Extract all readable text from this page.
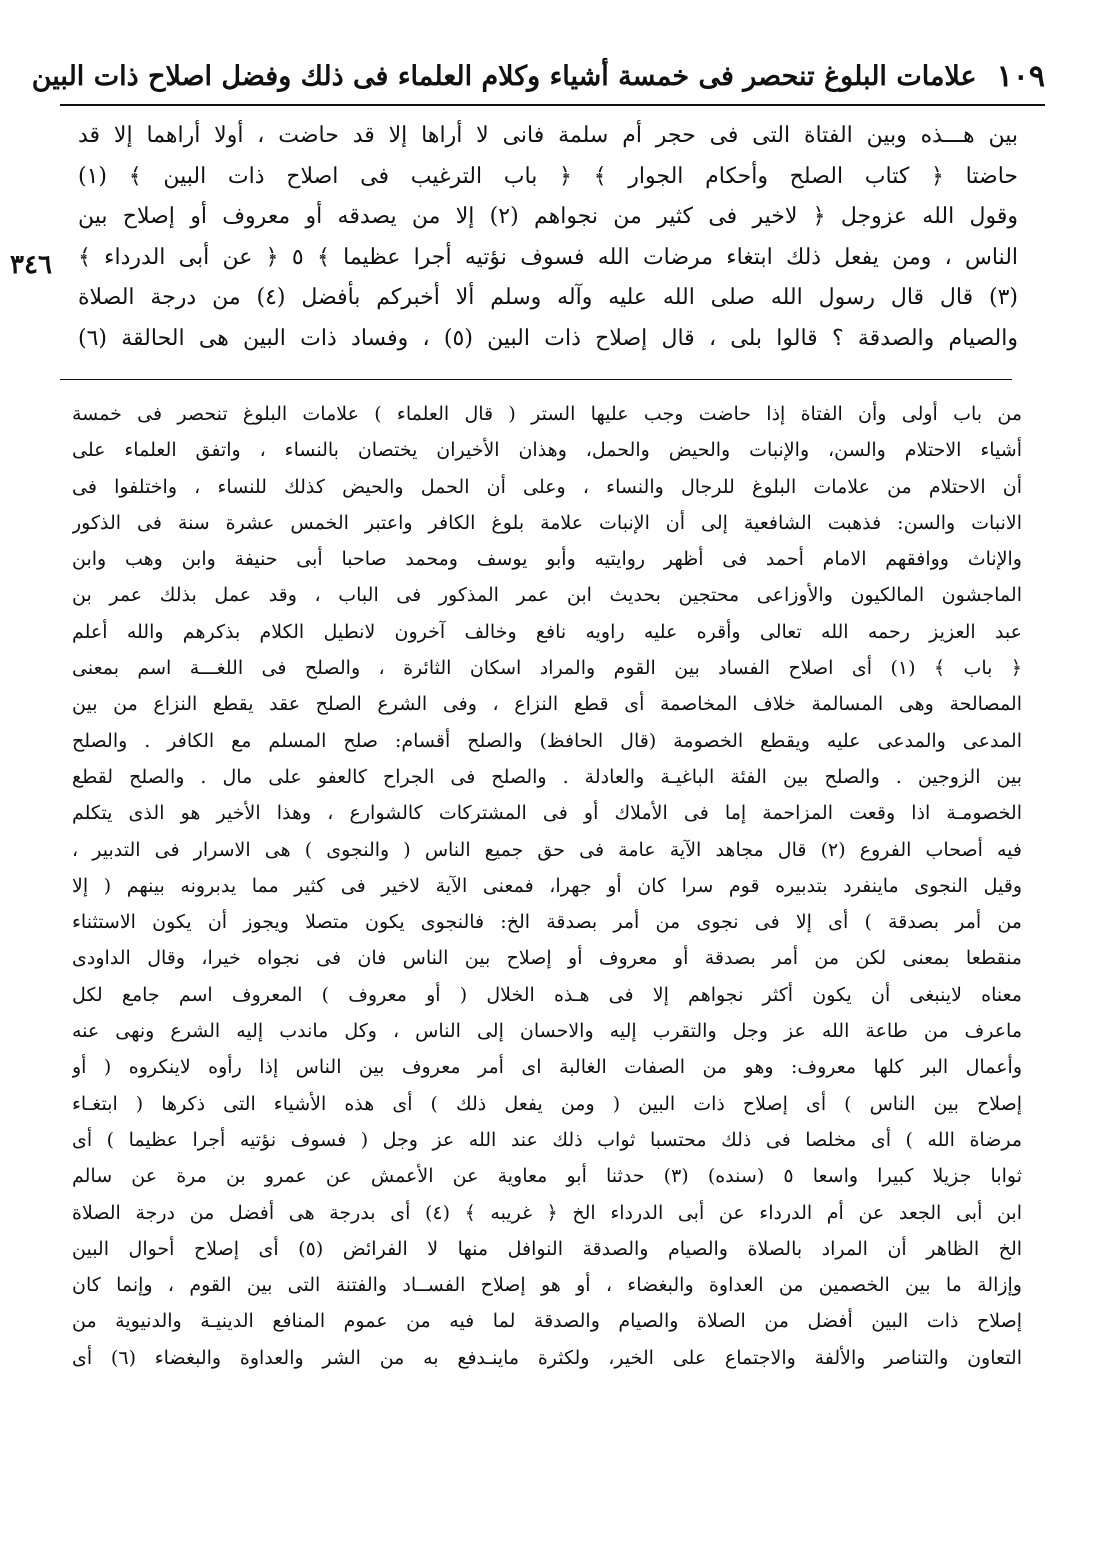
١٠٩
علامات البلوغ تنحصر فى خمسة أشياء وكلام العلماء فى ذلك وفضل اصلاح ذات البين
٣٤٦
بين هـــذه وبين الفتاة التى فى حجر أم سلمة فانى لا أراها إلا قد حاضت ، أولا أراهما إلا قد
حاضتا ﴿ كتاب الصلح وأحكام الجوار ﴾ ﴿ باب الترغيب فى اصلاح ذات البين ﴾ (١)
وقول الله عزوجل ﴿ لاخير فى كثير من نجواهم (٢) إلا من يصدقه أو معروف أو إصلاح بين
الناس ، ومن يفعل ذلك ابتغاء مرضات الله فسوف نؤتيه أجرا عظيما ﴾ ٥ ﴿ عن أبى الدرداء ﴾
(٣) قال قال رسول الله صلى الله عليه وآله وسلم ألا أخبركم بأفضل (٤) من درجة الصلاة
والصيام والصدقة ؟ قالوا بلى ، قال إصلاح ذات البين (٥) ، وفساد ذات البين هى الحالقة (٦)
من باب أولى وأن الفتاة إذا حاضت وجب عليها الستر ( قال العلماء ) علامات البلوغ تنحصر فى خمسة
أشياء الاحتلام والسن، والإنبات والحيض والحمل، وهذان الأخيران يختصان بالنساء ، واتفق العلماء على
أن الاحتلام من علامات البلوغ للرجال والنساء ، وعلى أن الحمل والحيض كذلك للنساء ، واختلفوا فى
الانبات والسن: فذهبت الشافعية إلى أن الإنبات علامة بلوغ الكافر واعتبر الخمس عشرة سنة فى الذكور
والإناث ووافقهم الامام أحمد فى أظهر روايتيه وأبو يوسف ومحمد صاحبا أبى حنيفة وابن وهب وابن
الماجشون المالكيون والأوزاعى محتجين بحديث ابن عمر المذكور فى الباب ، وقد عمل بذلك عمر بن
عبد العزيز رحمه الله تعالى وأقره عليه راويه نافع وخالف آخرون لانطيل الكلام بذكرهم والله أعلم
﴿ باب ﴾ (١) أى اصلاح الفساد بين القوم والمراد اسكان الثائرة ، والصلح فى اللغـــة اسم بمعنى
المصالحة وهى المسالمة خلاف المخاصمة أى قطع النزاع ، وفى الشرع الصلح عقد يقطع النزاع من بين
المدعى والمدعى عليه ويقطع الخصومة (قال الحافظ) والصلح أقسام: صلح المسلم مع الكافر . والصلح
بين الزوجين . والصلح بين الفئة الباغيـة والعادلة . والصلح فى الجراح كالعفو على مال . والصلح لقطع
الخصومـة اذا وقعت المزاحمة إما فى الأملاك أو فى المشتركات كالشوارع ، وهذا الأخير هو الذى يتكلم
فيه أصحاب الفروع (٢) قال مجاهد الآية عامة فى حق جميع الناس ( والنجوى ) هى الاسرار فى التدبير ،
وقيل النجوى ماينفرد بتدبيره قوم سرا كان أو جهرا، فمعنى الآية لاخير فى كثير مما يدبرونه بينهم ( إلا
من أمر بصدقة ) أى إلا فى نجوى من أمر بصدقة الخ: فالنجوى يكون متصلا ويجوز أن يكون الاستثناء
منقطعا بمعنى لكن من أمر بصدقة أو معروف أو إصلاح بين الناس فان فى نجواه خيرا، وقال الداودى
معناه لاينبغى أن يكون أكثر نجواهم إلا فى هـذه الخلال ( أو معروف ) المعروف اسم جامع لكل
ماعرف من طاعة الله عز وجل والتقرب إليه والاحسان إلى الناس ، وكل ماندب إليه الشرع ونهى عنه
وأعمال البر كلها معروف: وهو من الصفات الغالبة اى أمر معروف بين الناس إذا رأوه لاينكروه ( أو
إصلاح بين الناس ) أى إصلاح ذات البين ( ومن يفعل ذلك ) أى هذه الأشياء التى ذكرها ( ابتغـاء
مرضاة الله ) أى مخلصا فى ذلك محتسبا ثواب ذلك عند الله عز وجل ( فسوف نؤتيه أجرا عظيما ) أى
ثوابا جزيلا كبيرا واسعا ٥ (سنده) (٣) حدثنا أبو معاوية عن الأعمش عن عمرو بن مرة عن سالم
ابن أبى الجعد عن أم الدرداء عن أبى الدرداء الخ ﴿ غريبه ﴾ (٤) أى بدرجة هى أفضل من درجة الصلاة
الخ الظاهر أن المراد بالصلاة والصيام والصدقة النوافل منها لا الفرائض (٥) أى إصلاح أحوال البين
وإزالة ما بين الخصمين من العداوة والبغضاء ، أو هو إصلاح الفســاد والفتنة التى بين القوم ، وإنما كان
إصلاح ذات البين أفضل من الصلاة والصيام والصدقة لما فيه من عموم المنافع الدينيـة والدنيوية من
التعاون والتناصر والألفة والاجتماع على الخير، ولكثرة ماينـدفع به من الشر والعداوة والبغضاء (٦) أى
